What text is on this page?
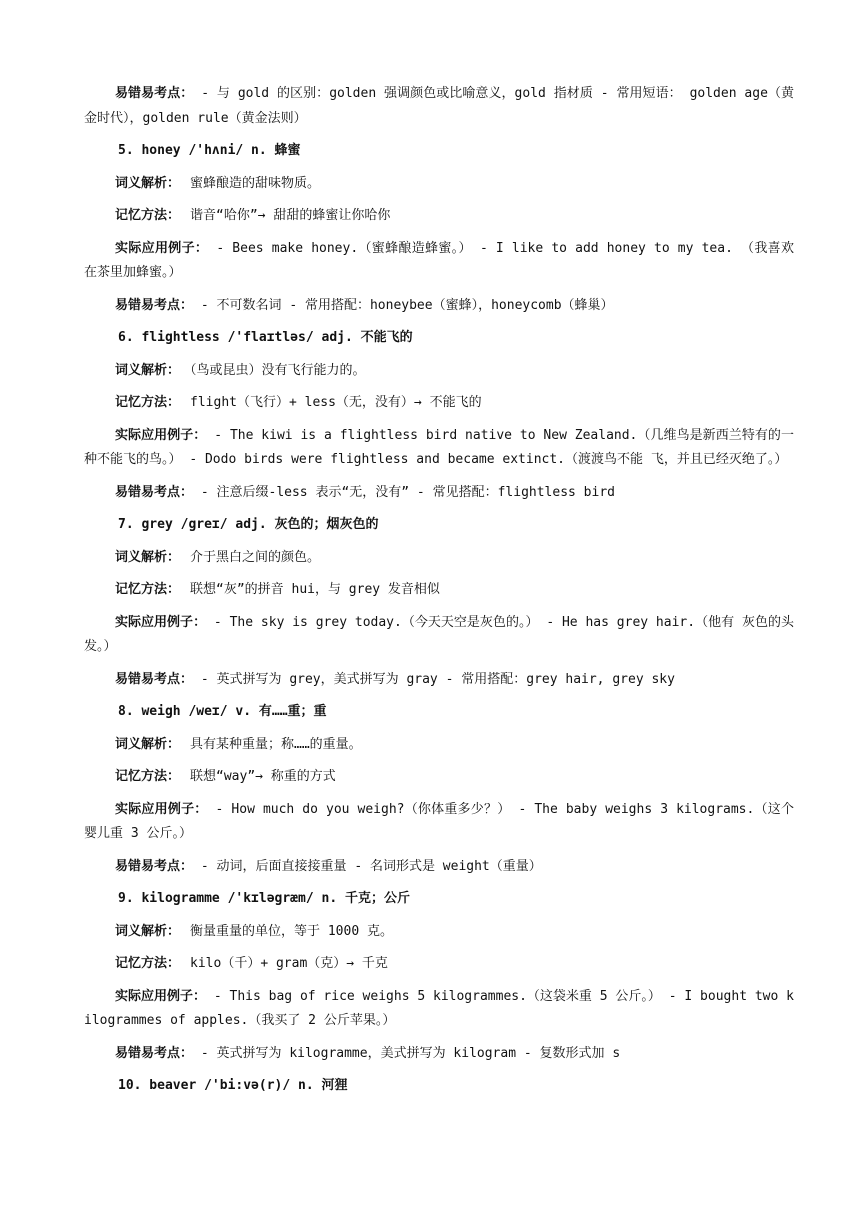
易错易考点： - 与 gold 的区别：golden 强调颜色或比喻意义，gold 指材质 - 常用短语： golden age（黄金时代），golden rule（黄金法则）

5. honey /'hʌni/ n. 蜂蜜

词义解析： 蜜蜂酿造的甜味物质。

记忆方法： 谐音“哈你”→ 甜甜的蜂蜜让你哈你

实际应用例子： - Bees make honey.（蜜蜂酿造蜂蜜。） - I like to add honey to my tea. （我喜欢在茶里加蜂蜜。）

易错易考点： - 不可数名词 - 常用搭配：honeybee（蜜蜂），honeycomb（蜂巢）

6. flightless /'flaɪtləs/ adj. 不能飞的

词义解析： （鸟或昆虫）没有飞行能力的。

记忆方法： flight（飞行）+ less（无，没有）→ 不能飞的

实际应用例子： - The kiwi is a flightless bird native to New Zealand.（几维鸟是新西兰特有的一种不能飞的鸟。） - Dodo birds were flightless and became extinct.（渡渡鸟不能 飞，并且已经灭绝了。）

易错易考点： - 注意后缀-less 表示“无，没有” - 常见搭配：flightless bird

7. grey /greɪ/ adj. 灰色的；烟灰色的

词义解析： 介于黑白之间的颜色。

记忆方法： 联想“灰”的拼音 hui，与 grey 发音相似

实际应用例子： - The sky is grey today.（今天天空是灰色的。） - He has grey hair.（他有 灰色的头发。）

易错易考点： - 英式拼写为 grey，美式拼写为 gray - 常用搭配：grey hair, grey sky

8. weigh /weɪ/ v. 有……重；重

词义解析： 具有某种重量；称……的重量。

记忆方法： 联想“way”→ 称重的方式

实际应用例子： - How much do you weigh?（你体重多少？） - The baby weighs 3 kilograms.（这个婴儿重 3 公斤。）

易错易考点： - 动词，后面直接接重量 - 名词形式是 weight（重量）

9. kilogramme /'kɪləgræm/ n. 千克；公斤

词义解析： 衡量重量的单位，等于 1000 克。

记忆方法： kilo（千）+ gram（克）→ 千克

实际应用例子： - This bag of rice weighs 5 kilogrammes.（这袋米重 5 公斤。） - I bought two kilogrammes of apples.（我买了 2 公斤苹果。）

易错易考点： - 英式拼写为 kilogramme，美式拼写为 kilogram - 复数形式加 s

10. beaver /'bi:və(r)/ n. 河狸
